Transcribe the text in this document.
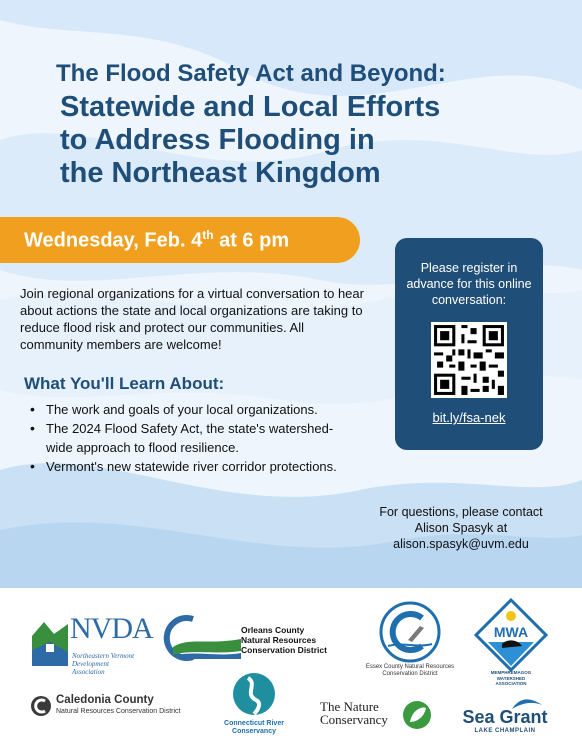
The Flood Safety Act and Beyond:
Statewide and Local Efforts
to Address Flooding in
the Northeast Kingdom
Wednesday, Feb. 4th at 6 pm

Join regional organizations for a virtual conversation to hear about actions the state and local organizations are taking to reduce flood risk and protect our communities. All community members are welcome!

What You'll Learn About:
• The work and goals of your local organizations.
• The 2024 Flood Safety Act, the state's watershed-wide approach to flood resilience.
• Vermont's new statewide river corridor protections.
Please register in advance for this online conversation:
bit.ly/fsa-nek
For questions, please contact
Alison Spasyk at
alison.spasyk@uvm.edu
NVDA
Northeastern Vermont
Development Association
Orleans County
Natural Resources
Conservation District
Essex County Natural Resources
Conservation District
MWA
MEMPHREMAGOG
WATERSHED
ASSOCIATION
Caledonia County
Natural Resources Conservation District
Connecticut River
Conservancy
The Nature
Conservancy	Sea Grant
LAKE CHAMPLAIN
